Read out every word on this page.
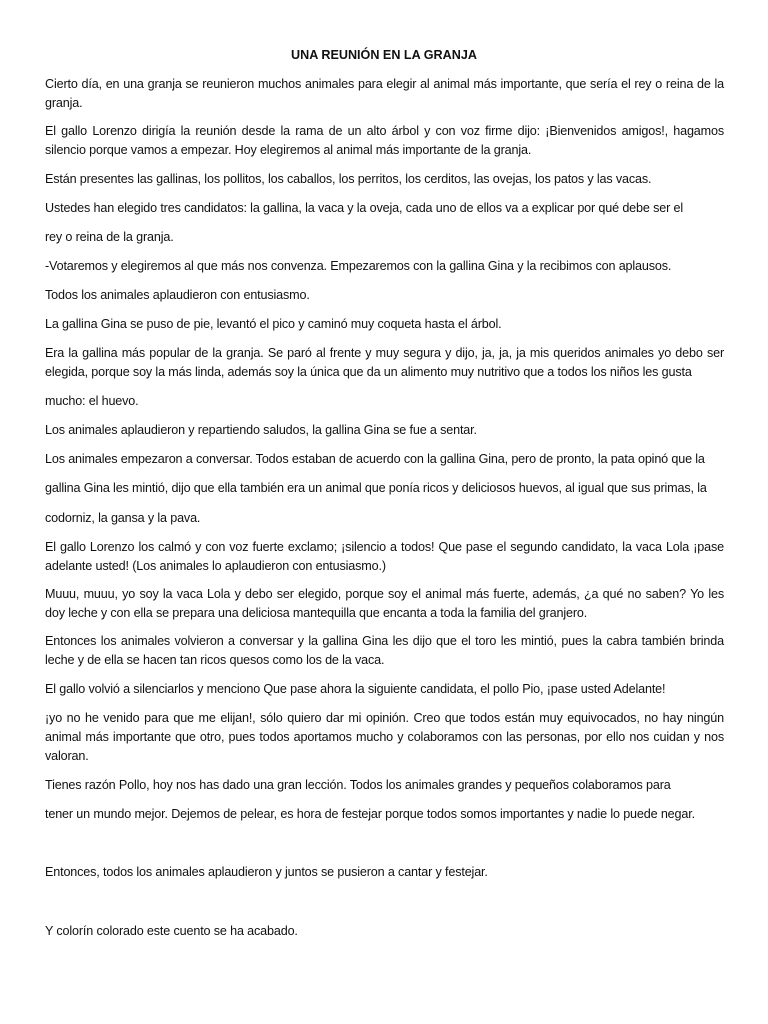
UNA REUNIÓN EN LA GRANJA

Cierto día, en una granja se reunieron muchos animales para elegir al animal más importante, que sería el rey o reina de la granja.

El gallo Lorenzo dirigía la reunión desde la rama de un alto árbol y con voz firme dijo: ¡Bienvenidos amigos!, hagamos silencio porque vamos a empezar. Hoy elegiremos al animal más importante de la granja.

Están presentes las gallinas, los pollitos, los caballos, los perritos, los cerditos, las ovejas, los patos y las vacas.

Ustedes han elegido tres candidatos: la gallina, la vaca y la oveja, cada uno de ellos va a explicar por qué debe ser el

rey o reina de la granja.

-Votaremos y elegiremos al que más nos convenza. Empezaremos con la gallina Gina y la recibimos con aplausos.

Todos los animales aplaudieron con entusiasmo.

La gallina Gina se puso de pie, levantó el pico y caminó muy coqueta hasta el árbol.

Era la gallina más popular de la granja. Se paró al frente y muy segura y dijo, ja, ja, ja mis queridos animales yo debo ser elegida, porque soy la más linda, además soy la única que da un alimento muy nutritivo que a todos los niños les gusta

mucho: el huevo.

Los animales aplaudieron y repartiendo saludos, la gallina Gina se fue a sentar.

Los animales empezaron a conversar. Todos estaban de acuerdo con la gallina Gina, pero de pronto, la pata opinó que la

gallina Gina les mintió, dijo que ella también era un animal que ponía ricos y deliciosos huevos, al igual que sus primas, la

codorniz, la gansa y la pava.

El gallo Lorenzo los calmó y con voz fuerte exclamo; ¡silencio a todos! Que pase el segundo candidato, la vaca Lola ¡pase adelante usted! (Los animales lo aplaudieron con entusiasmo.)

Muuu, muuu, yo soy la vaca Lola y debo ser elegido, porque soy el animal más fuerte, además, ¿a qué no saben? Yo les doy leche y con ella se prepara una deliciosa mantequilla que encanta a toda la familia del granjero.

Entonces los animales volvieron a conversar y la gallina Gina les dijo que el toro les mintió, pues la cabra también brinda leche y de ella se hacen tan ricos quesos como los de la vaca.

El gallo volvió a silenciarlos y menciono Que pase ahora la siguiente candidata, el pollo Pio, ¡pase usted Adelante!

¡yo no he venido para que me elijan!, sólo quiero dar mi opinión. Creo que todos están muy equivocados, no hay ningún animal más importante que otro, pues todos aportamos mucho y colaboramos con las personas, por ello nos cuidan y nos valoran.

Tienes razón Pollo, hoy nos has dado una gran lección. Todos los animales grandes y pequeños colaboramos para

tener un mundo mejor. Dejemos de pelear, es hora de festejar porque todos somos importantes y nadie lo puede negar.

Entonces, todos los animales aplaudieron y juntos se pusieron a cantar y festejar.

Y colorín colorado este cuento se ha acabado.
